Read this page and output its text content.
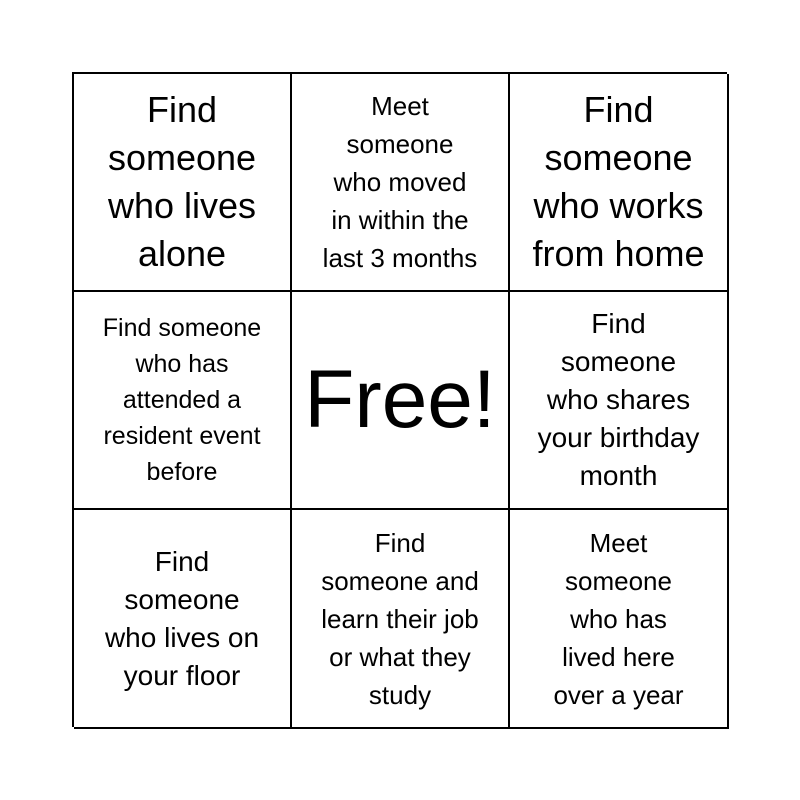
Find
someone
who lives
alone
Meet
someone
who moved
in within the
last 3 months
Find
someone
who works
from home
Find someone
who has
attended a
resident event
before
Free!
Find
someone
who shares
your birthday
month
Find
someone
who lives on
your floor
Find
someone and
learn their job
or what they
study
Meet
someone
who has
lived here
over a year
